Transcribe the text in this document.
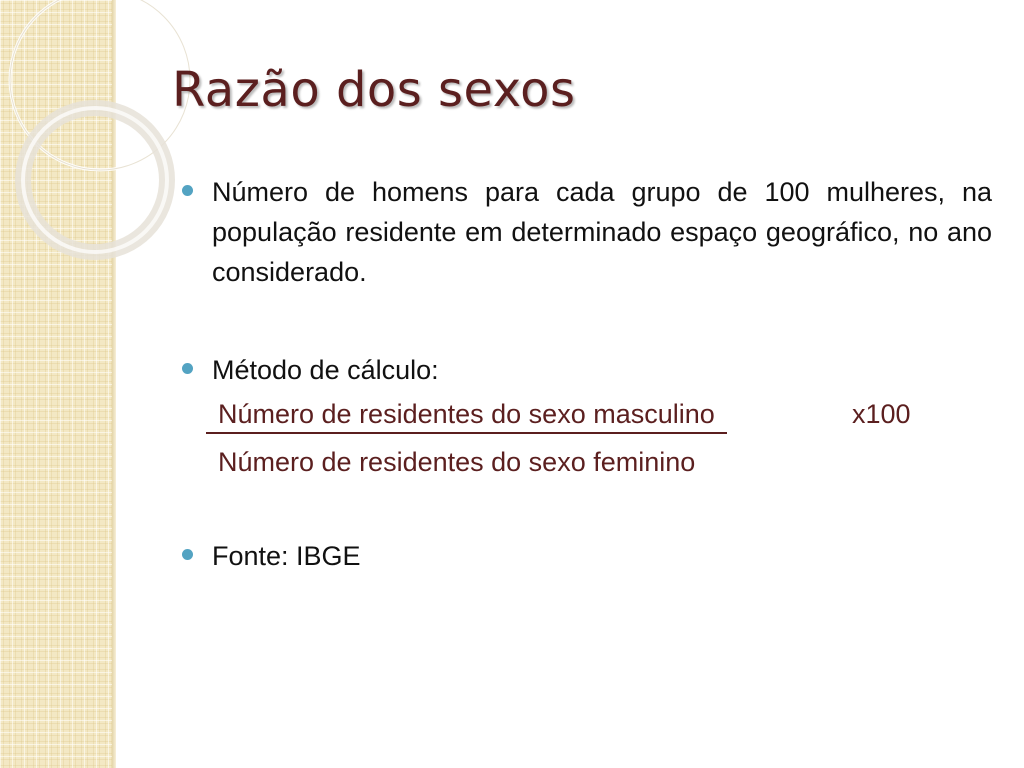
Razão dos sexos
Número de homens para cada grupo de 100 mulheres, na população residente em determinado espaço geográfico, no ano considerado.
Método de cálculo:
Número de residentes do sexo masculino	x100
Número de residentes do sexo feminino
Fonte: IBGE
